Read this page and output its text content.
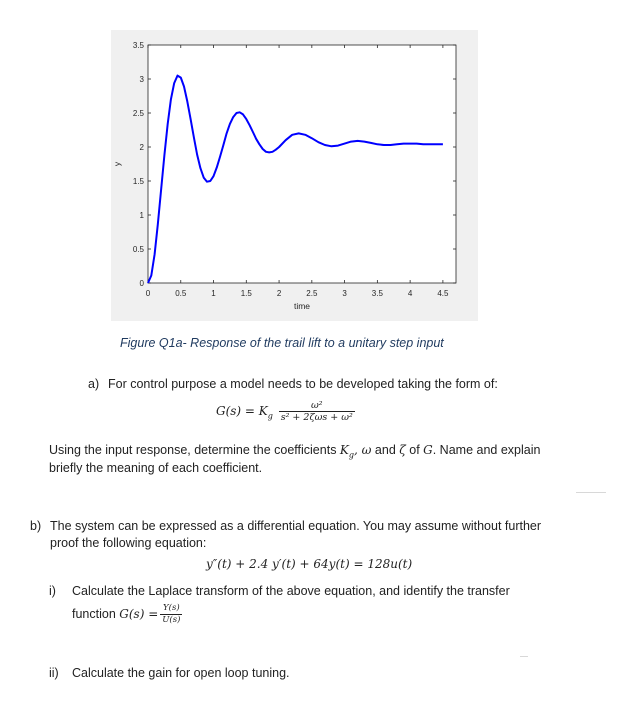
0
0.5
1
1.5
2
2.5
3
3.5
0	0.5	1	1.5	2	2.5	3	3.5	4	4.5
time
y
Figure Q1a- Response of the trail lift to a unitary step input
a) For control purpose a model needs to be developed taking the form of:
$G(s) = K_g \frac{\text{ω²}}{\text{s² + 2ζωs + ω²}}$
Using the input response, determine the coefficients $K_g$, ω and ζ of G. Name and explain
briefly the meaning of each coefficient.
b) The system can be expressed as a differential equation. You may assume without further
proof the following equation:
y″(t) + 2.4 y′(t) + 64y(t) = 128u(t)
i) Calculate the Laplace transform of the above equation, and identify the transfer
function $G(s) = \frac{Y(s)}{U(s)}$
ii) Calculate the gain for open loop tuning.
